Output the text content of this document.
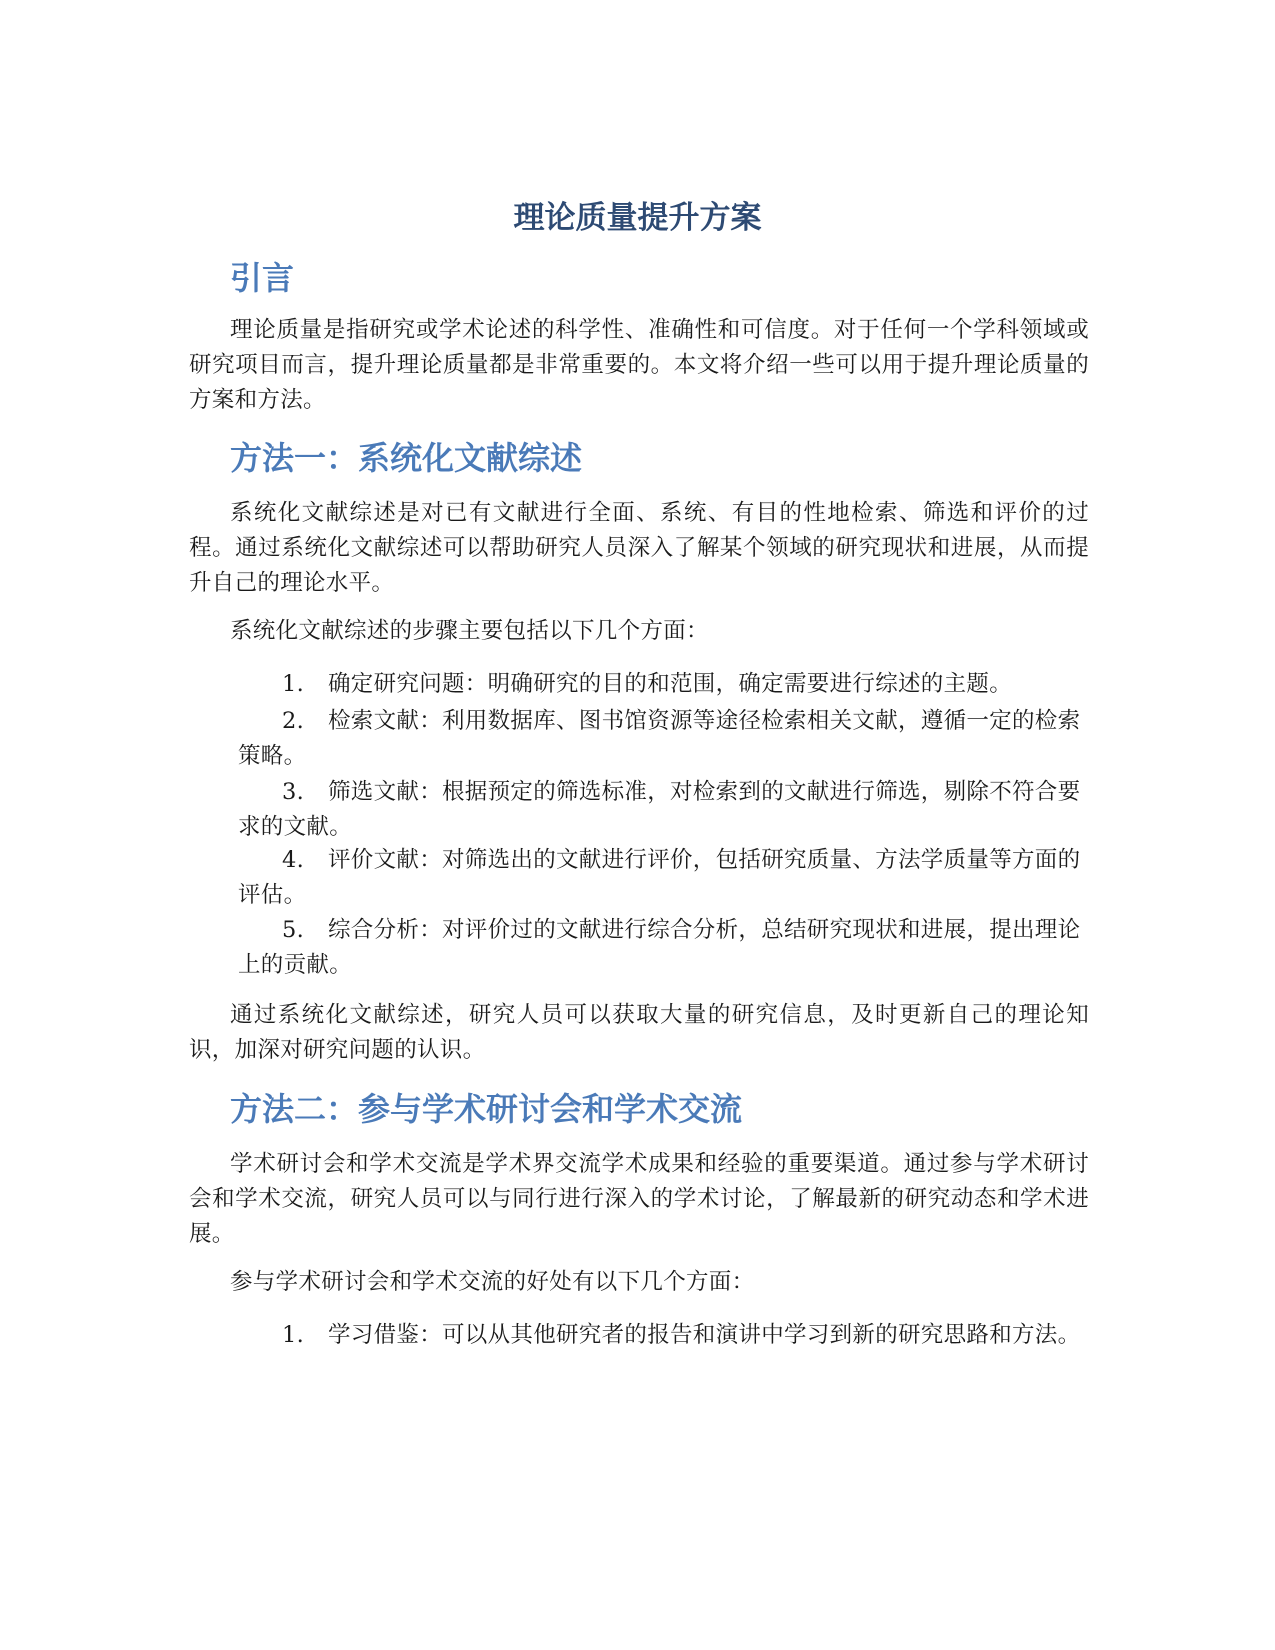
理论质量提升方案
引言

理论质量是指研究或学术论述的科学性、准确性和可信度。对于任何一个学科领域或研究项目而言，提升理论质量都是非常重要的。本文将介绍一些可以用于提升理论质量的方案和方法。

方法一：系统化文献综述

系统化文献综述是对已有文献进行全面、系统、有目的性地检索、筛选和评价的过程。通过系统化文献综述可以帮助研究人员深入了解某个领域的研究现状和进展，从而提升自己的理论水平。

系统化文献综述的步骤主要包括以下几个方面：

1. 确定研究问题：明确研究的目的和范围，确定需要进行综述的主题。

2. 检索文献：利用数据库、图书馆资源等途径检索相关文献，遵循一定的检索策略。

3. 筛选文献：根据预定的筛选标准，对检索到的文献进行筛选，剔除不符合要求的文献。

4. 评价文献：对筛选出的文献进行评价，包括研究质量、方法学质量等方面的评估。

5. 综合分析：对评价过的文献进行综合分析，总结研究现状和进展，提出理论上的贡献。

通过系统化文献综述，研究人员可以获取大量的研究信息，及时更新自己的理论知识，加深对研究问题的认识。

方法二：参与学术研讨会和学术交流

学术研讨会和学术交流是学术界交流学术成果和经验的重要渠道。通过参与学术研讨会和学术交流，研究人员可以与同行进行深入的学术讨论，了解最新的研究动态和学术进展。

参与学术研讨会和学术交流的好处有以下几个方面：

1. 学习借鉴：可以从其他研究者的报告和演讲中学习到新的研究思路和方法。
